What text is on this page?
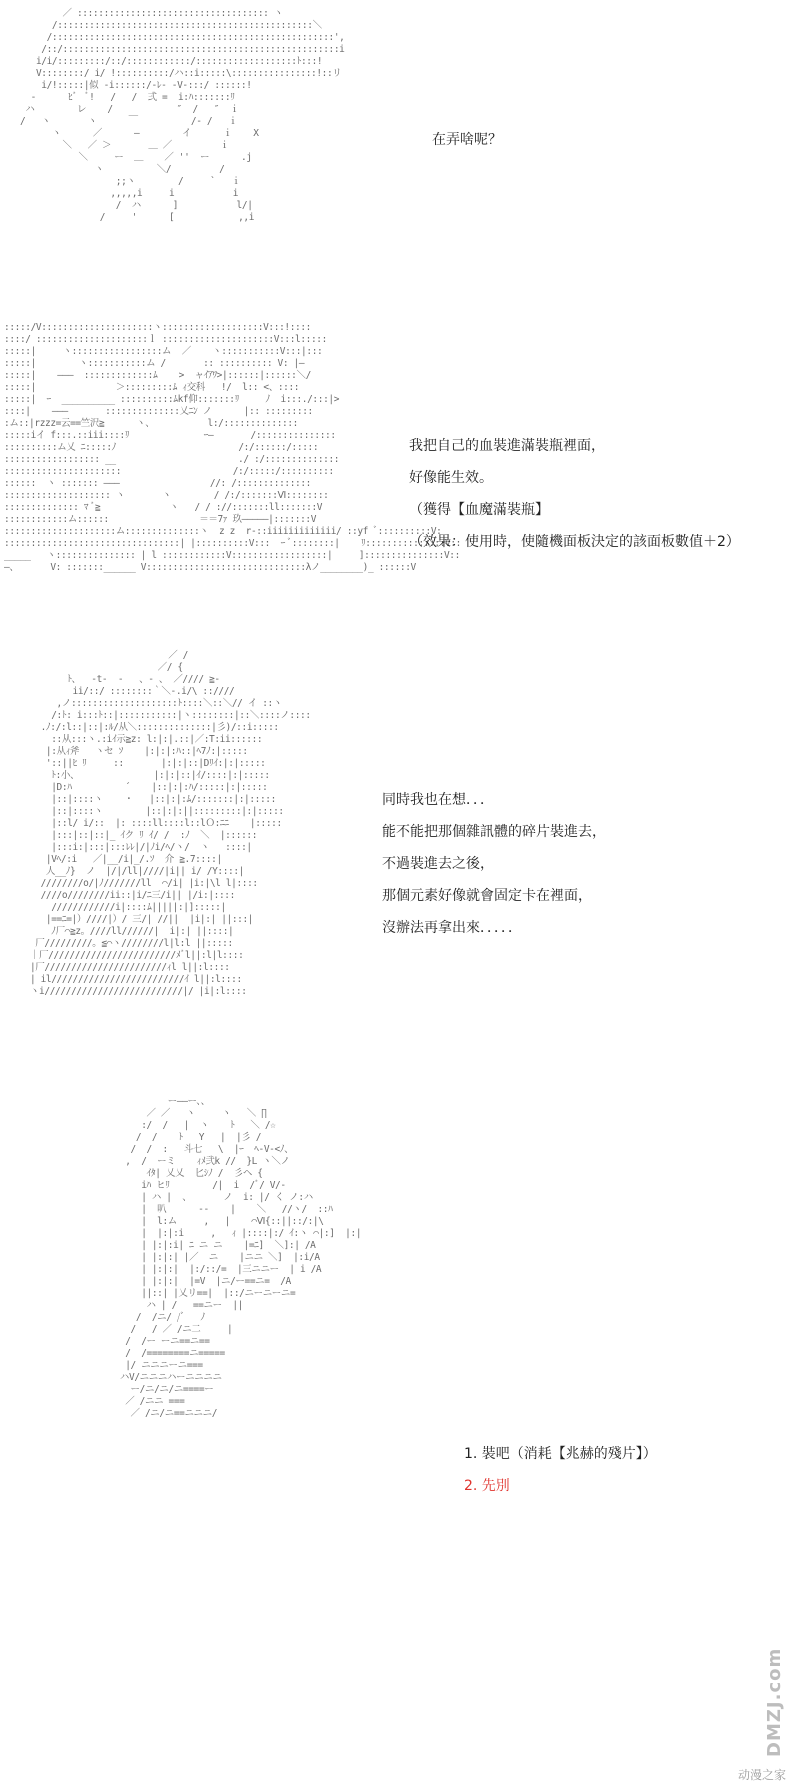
／ :::::::::::::::::::::::::::::::::::: ヽ
/::::::::::::::::::::::::::::::::::::::::::::::::＼
/:::::::::::::::::::::::::::::::::::::::::::::::::::::',
/::/::::::::::::::::::::::::::::::::::::::::::::::::::::i
i/i/:::::::::/::/::::::::::::/:::::::::::::::::::ﾄ:::!
V::::::::/ i/ !::::::::::/ハ::i:::::\::::::::::::::::!::リ
i/!:::::|似 -i::::::/-ﾚ- -V-:::/ ::::::!
-      ﾋﾞ  ﾞ!   /   /  弍 =  i:ﾊ:::::::ﾘ
ハ        レ    /            ″  /   ″  ｉ
/   ヽ       ヽ      ￣          /- /   ｉ
ヽ      ／      ―        イ      ｉ    X
＼   ／ ＞       ＿ ／         ｉ
＼     ー  ＿    ／ ''  ー      .j
ヽ          ＼/         /
;;ヽ        /     `   ｉ
,,,,,i     i           i
/  ハ      ]           l/|
/     '      [            ,,i

在弄啥呢？

:::::/V:::::::::::::::::::::ヽ:::::::::::::::::::V:::!::::
::::/ :::::::::::::::::::::ｌ :::::::::::::::::::::V:::l:::::
:::::|     ヽ:::::::::::::::::ム  ／    ヽ:::::::::::V:::|:::
:::::|        ヽ:::::::::::ム /       :: :::::::::: V: |―
:::::|    ―――  :::::::::::::ﾑ    >  ャｲｱﾜ>|::::::|::::::＼/
:::::|               ＞:::::::::ﾑ ｨ交科   !/  l:: <、::::
:::::|  ｰ  __________ ::::::::::ﾑkf仰:::::::ﾘ     ﾉ  i:::./:::|>
::::|    ―――       ::::::::::::::乂ﾆﾝ ノ      |:: :::::::::
:ム::|rzzz=云==竺沢≧      ヽ、          l:/::::::::::::::
:::::iイ f:::.::iii::::ﾘ              ｰ―       /:::::::::::::::
::::::::::ム乂 ﾆ:::::ﾉ                       /:/::::::/:::::
:::::::::::::::::: __                       ./ :/::::::::::::::
::::::::::::::::::::::                     /:/:::::/::::::::::
::::::  ヽ ::::::: ―――                 //: /::::::::::::::
:::::::::::::::::::: ヽ       ヽ        / /:/:::::::Ⅵ::::::::
:::::::::::::: ﾏ ﾞ≧             ヽ   / / ://:::::::ll:::::::V
::::::::::::ム::::::                 ＝＝7ｧ 玖―――――|:::::::V
:::::::::::::::::::::ム::::::::::::::ヽ  z z  r-::iiiiiiiiiiiii/ ::yf ﾞ::::::::::V:
:::::::::::::::::::::::::::::::::| |::::::::::V:::  ｰ ﾞ::::::::|    ﾘ:::::::::::::::V::
_____   ヽ::::::::::::::: | l ::::::::::::V::::::::::::::::::|     ]:::::::::::::::V::
―、      V: :::::::______ V::::::::::::::::::::::::::::::λノ________)_ ::::::V

我把自己的血裝進滿裝瓶裡面，

好像能生效。

（獲得【血魔滿裝瓶】

（效果：使用時，使隨機面板決定的該面板數值＋2）

／ /
／/ {
ﾄ、  -t-  -   、- 、 ／//// ≧-
ii/::/ ::::::::｀＼-.i/\ ::////
,ノ::::::::::::::::::::ﾄ::::＼::＼// イ ::ヽ
/:ﾄ: i:::ﾄ::|:::::::::::|ヽ::::::::|::＼::::ノ::::
.ﾉ:/:l::|::|:ﾙ/从＼::::::::::::::|彡)/::i:::::
::从:::ヽ.:iｲ示≧z: l:|:|.::|／:T:ii::::::
|:从ｨ斧   ヽセ ｿ    |:|:|:ﾊ::|ﾍ7ﾉ:|:::::
'::||ﾋ ﾘ     ::       |:|:|::|Dﾘｲ:|:|:::::
ﾄ:小、              |:|:|::|ｲ/::::|:|:::::
|D:ﾊ          ´    |::|:|:ﾊ/:::::|:|:::::
|::|::::ヽ    ・   |::|:|:ﾑ/:::::::|:|:::::
|::|::::ヽ        |::|:|:||:::::::::|:|:::::
|::l/ i/::  |: ::::ll::::l::lＯ:ﾆﾆ    |:::::
|:::|::|::|_ ｲク ﾘ ｲ/ /  :ﾉ  ＼  |::::::
|:::i:|:::|:::ﾚﾚ|/|ﾉi/ﾍ/ヽ/  ヽ   ::::|
|Vﾍ/:i   ／|__/i|_/.ｿ  介 ≧.7::::|
人__ﾉ}  ノ  |/|/ll|////|i|| i/ /Y::::|
////////o/|ﾉ///////ll  ⌒/i| |i:|\l l|::::
////o////////ii::|i/ﾆ三/i|| |/i:|::::
////////////i|::::ﾑ|||||:|]:::::|
|==ﾆ=|）////|）/ 三/| //||  |i|:| ||:::|
ﾉ厂⌒≧z。////ll//////|  i|:| ||::::|
厂/////////。≦⌒ヽ////////l|l:l ||:::::
｜厂////////////////////////ﾒﾞl||:l|l::::
|厂///////////////////////ｨl l||:l::::
| il/////////////////////////ｲ l||:l::::
ヽi//////////////////////////|/ |i|:l::::

同時我也在想．．．

能不能把那個雜訊體的碎片裝進去，

不過裝進去之後，

那個元素好像就會固定卡在裡面，

沒辦法再拿出來．．．．．

ー――ー、、
／ ／   ヽ     ヽ   ＼ ∏
:/  /   |  ヽ    ﾄ   ＼ /☆
/  /    ﾄ   Y   |  |彡 /
/  /  :   斗七   \  |ｰ  ﾍ-V-<ﾉ、
,  /  ーミ    ｨﾒ弐k //  }L ヽ＼ノ
ｲﾀ| 乂乂  匕ｼﾉ /  彡ヘ {
iﾊ ヒﾘ        /|  i  /ﾞ/ V/-
| ハ |  、      ノ  i: |/ く ノ:ハ
|  叭      --    |    ＼   //ヽ/  ::ﾊ
|  l:ム     ,   |    ⌒Ⅵ{::||::/:|\
|  |:|:i     ,   ｨ |::::|:/ ｲ:ヽ ⌒|:]  |:|
| |:|:i| ﾆ ニ ニ    |=ﾆ]  ＼]:| /A
| |:|:| |／  ニ    |ニニ ＼]  |:i/A
| |:|:|  |:/::/=  |三ニニー  | i /A
| |:|:|  |=V  |ニ/ー==ニ=  /A
||::| |乂リ==|  |::/ニーニーニ=
ハ | /   ==ニー  ||
/  /ニ/ /ﾞ   ﾉ
/   / ／ /ニ二     |
/  /ー ーニ==ニ==
/  /========ニ=====
|/ ニニニーニ===
ハV/ニニニハーニニニニ
ー/ニ/ニ/ニ====ー
／ /ニニ ===
／ /ニ/ニ==ニニニ/

1. 裝吧（消耗【兆赫的殘片】）

2. 先別

DMZJ.com
动漫之家
